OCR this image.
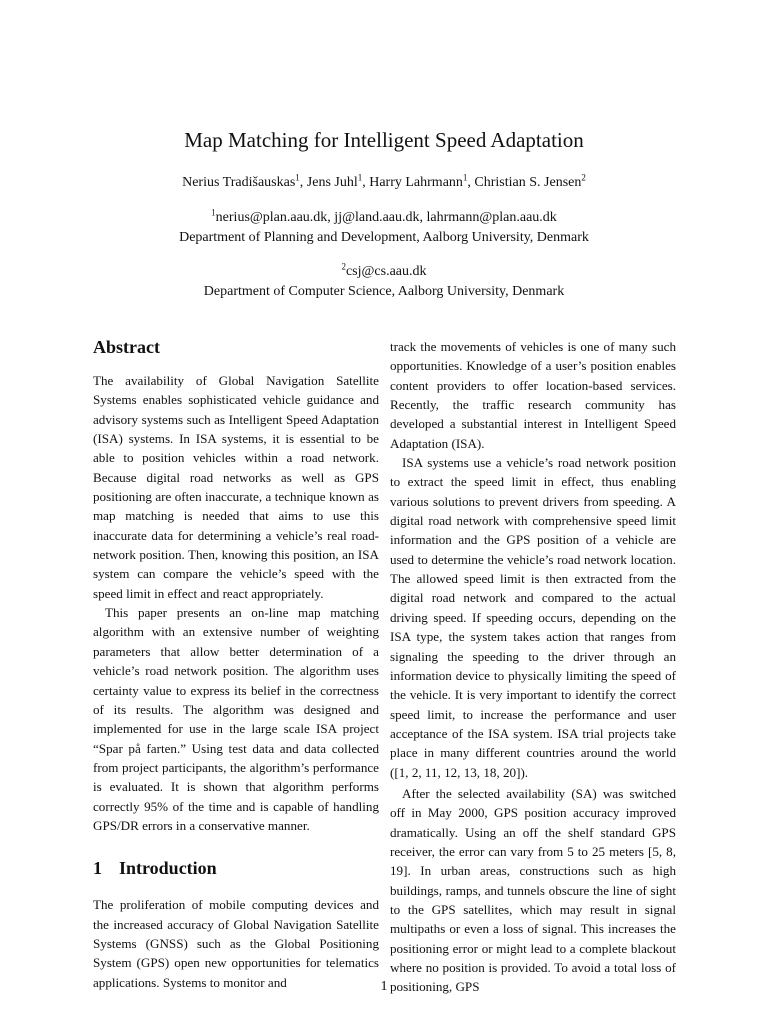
Map Matching for Intelligent Speed Adaptation
Nerius Tradišauskas$^1$, Jens Juhl$^1$, Harry Lahrmann$^1$, Christian S. Jensen$^2$
$^1$nerius@plan.aau.dk, jj@land.aau.dk, lahrmann@plan.aau.dk
Department of Planning and Development, Aalborg University, Denmark
$^2$csj@cs.aau.dk
Department of Computer Science, Aalborg University, Denmark
Abstract

The availability of Global Navigation Satellite Systems enables sophisticated vehicle guidance and advisory systems such as Intelligent Speed Adaptation (ISA) systems. In ISA systems, it is essential to be able to position vehicles within a road network. Because digital road networks as well as GPS positioning are often inaccurate, a technique known as map matching is needed that aims to use this inaccurate data for determining a vehicle’s real road-network position. Then, knowing this position, an ISA system can compare the vehicle’s speed with the speed limit in effect and react appropriately.

This paper presents an on-line map matching algorithm with an extensive number of weighting parameters that allow better determination of a vehicle’s road network position. The algorithm uses certainty value to express its belief in the correctness of its results. The algorithm was designed and implemented for use in the large scale ISA project “Spar på farten.” Using test data and data collected from project participants, the algorithm’s performance is evaluated. It is shown that algorithm performs correctly 95% of the time and is capable of handling GPS/DR errors in a conservative manner.

1 Introduction

The proliferation of mobile computing devices and the increased accuracy of Global Navigation Satellite Systems (GNSS) such as the Global Positioning System (GPS) open new opportunities for telematics applications. Systems to monitor and

track the movements of vehicles is one of many such opportunities. Knowledge of a user’s position enables content providers to offer location-based services. Recently, the traffic research community has developed a substantial interest in Intelligent Speed Adaptation (ISA).

ISA systems use a vehicle’s road network position to extract the speed limit in effect, thus enabling various solutions to prevent drivers from speeding. A digital road network with comprehensive speed limit information and the GPS position of a vehicle are used to determine the vehicle’s road network location. The allowed speed limit is then extracted from the digital road network and compared to the actual driving speed. If speeding occurs, depending on the ISA type, the system takes action that ranges from signaling the speeding to the driver through an information device to physically limiting the speed of the vehicle. It is very important to identify the correct speed limit, to increase the performance and user acceptance of the ISA system. ISA trial projects take place in many different countries around the world ([1, 2, 11, 12, 13, 18, 20]).

After the selected availability (SA) was switched off in May 2000, GPS position accuracy improved dramatically. Using an off the shelf standard GPS receiver, the error can vary from 5 to 25 meters [5, 8, 19]. In urban areas, constructions such as high buildings, ramps, and tunnels obscure the line of sight to the GPS satellites, which may result in signal multipaths or even a loss of signal. This increases the positioning error or might lead to a complete blackout where no position is provided. To avoid a total loss of positioning, GPS

1
